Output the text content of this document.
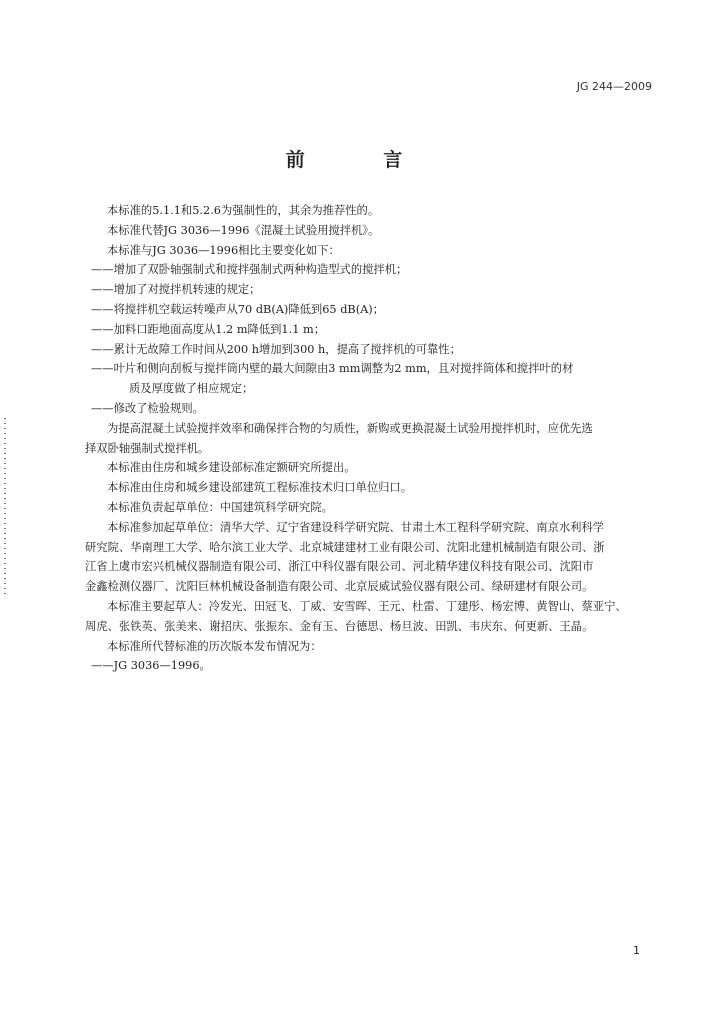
JG 244—2009
前 言

本标准的5.1.1和5.2.6为强制性的，其余为推荐性的。

本标准代替JG 3036—1996《混凝土试验用搅拌机》。

本标准与JG 3036—1996相比主要变化如下：

——增加了双卧轴强制式和搅拌强制式两种构造型式的搅拌机；

——增加了对搅拌机转速的规定；

——将搅拌机空载运转噪声从70 dB(A)降低到65 dB(A)；

——加料口距地面高度从1.2 m降低到1.1 m；

——累计无故障工作时间从200 h增加到300 h，提高了搅拌机的可靠性；

——叶片和侧向刮板与搅拌筒内壁的最大间隙由3 mm调整为2 mm，且对搅拌筒体和搅拌叶的材

质及厚度做了相应规定；

——修改了检验规则。

为提高混凝土试验搅拌效率和确保拌合物的匀质性，新购或更换混凝土试验用搅拌机时，应优先选

择双卧轴强制式搅拌机。

本标准由住房和城乡建设部标准定额研究所提出。

本标准由住房和城乡建设部建筑工程标准技术归口单位归口。

本标准负责起草单位：中国建筑科学研究院。

本标准参加起草单位：清华大学、辽宁省建设科学研究院、甘肃土木工程科学研究院、南京水利科学

研究院、华南理工大学、哈尔滨工业大学、北京城建建材工业有限公司、沈阳北建机械制造有限公司、浙

江省上虞市宏兴机械仪器制造有限公司、浙江中科仪器有限公司、河北精华建仪科技有限公司、沈阳市

金鑫检测仪器厂、沈阳巨林机械设备制造有限公司、北京辰威试验仪器有限公司、绿研建材有限公司。

本标准主要起草人：冷发光、田冠飞、丁威、安雪晖、王元、杜雷、丁建彤、杨宏博、黄智山、蔡亚宁、

周虎、张铁英、张美来、谢招庆、张振东、金有玉、台德思、杨旦波、田凯、韦庆东、何更新、王晶。

本标准所代替标准的历次版本发布情况为：

——JG 3036—1996。

1
